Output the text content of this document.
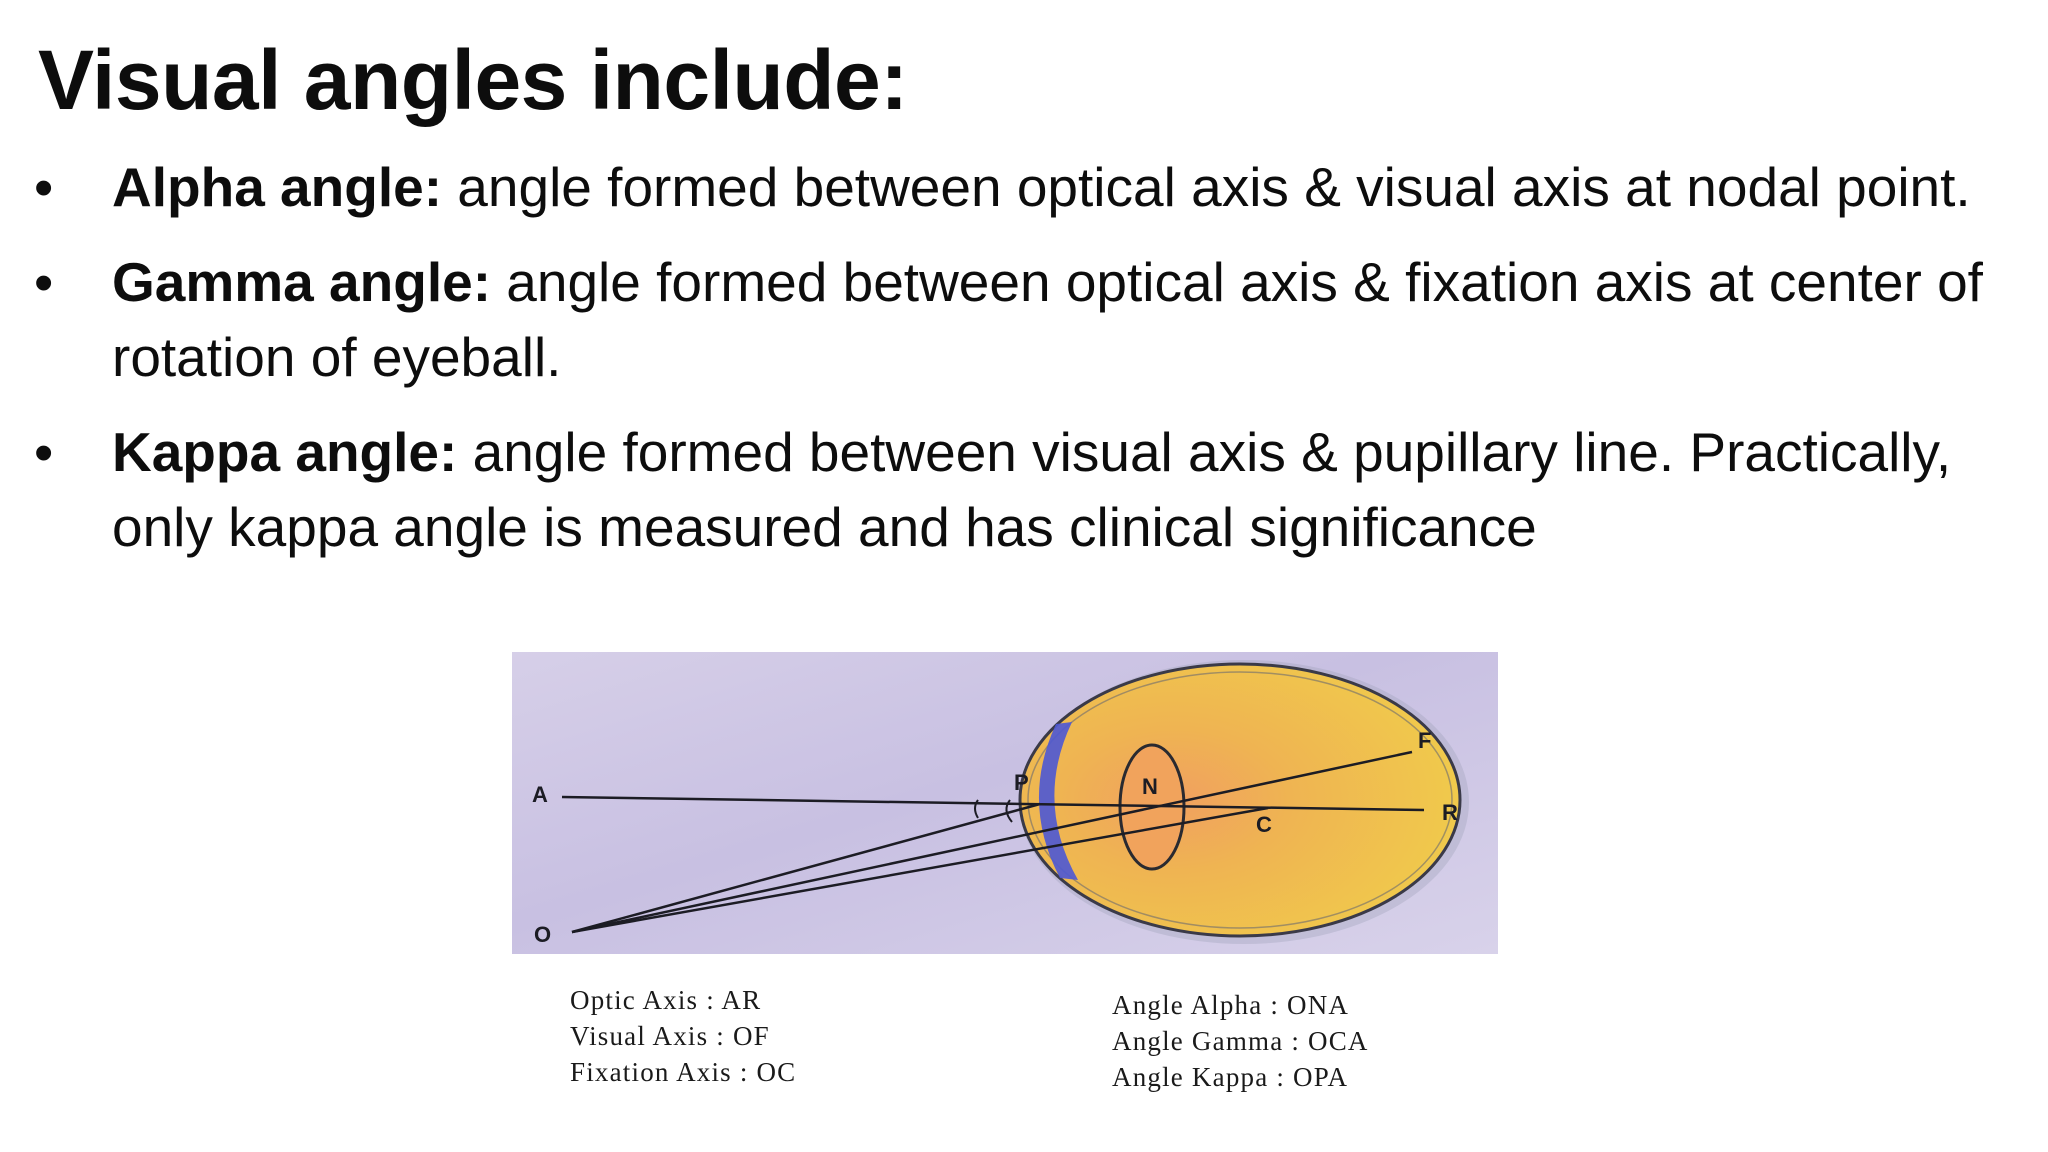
Visual angles include:
• Alpha angle: angle formed between optical axis & visual axis at nodal point.
• Gamma angle: angle formed between optical axis & fixation axis at center of rotation of eyeball.
• Kappa angle: angle formed between visual axis & pupillary line. Practically, only kappa angle is measured and has clinical significance
A
O
P	N
C
F
R
Optic Axis : AR
Visual Axis : OF
Fixation Axis : OC
Angle Alpha : ONA
Angle Gamma : OCA
Angle Kappa : OPA
